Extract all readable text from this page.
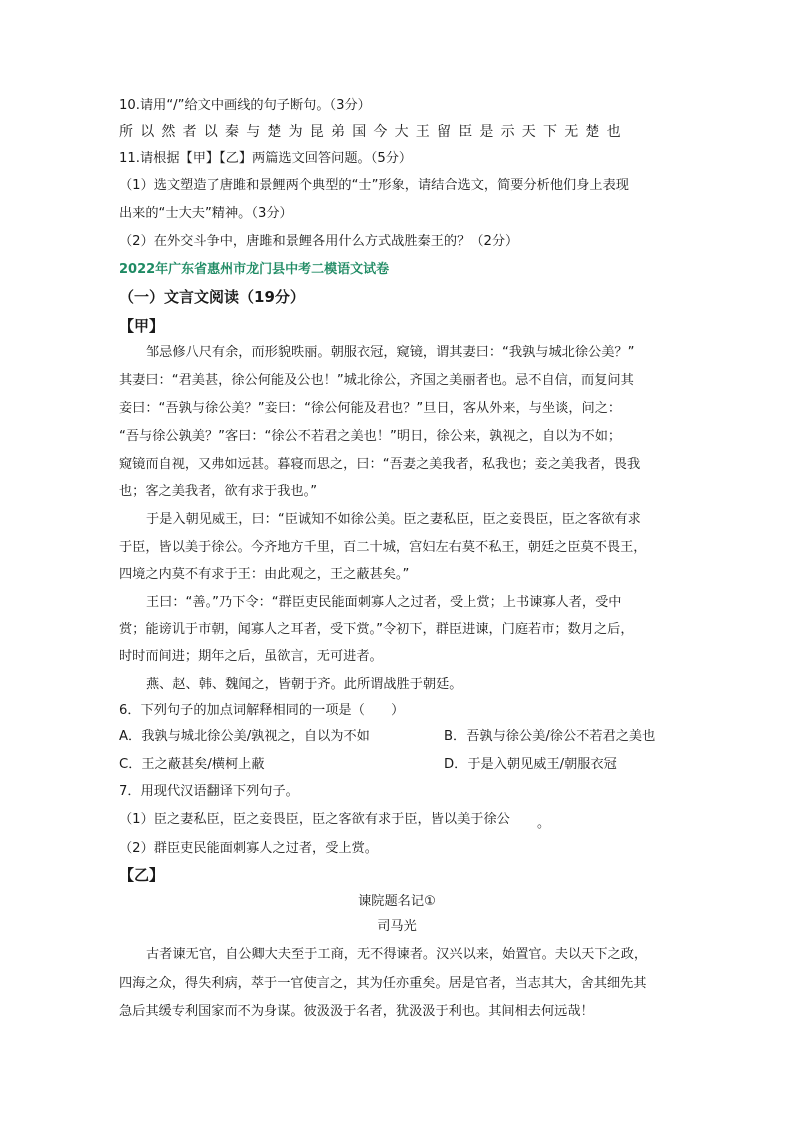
10.请用“/”给文中画线的句子断句。（3分）
所以然者以秦与楚为昆弟国今大王留臣是示天下无楚也
11.请根据【甲】【乙】两篇选文回答问题。（5分）
（1）选文塑造了唐雎和景鲤两个典型的“士”形象，请结合选文，简要分析他们身上表现
出来的“士大夫”精神。（3分）
（2）在外交斗争中，唐雎和景鲤各用什么方式战胜秦王的？（2分）
2022年广东省惠州市龙门县中考二模语文试卷
（一）文言文阅读（19分）
【甲】
邹忌修八尺有余，而形貌昳丽。朝服衣冠，窥镜，谓其妻曰：“我孰与城北徐公美？”
其妻曰：“君美甚，徐公何能及公也！”城北徐公，齐国之美丽者也。忌不自信，而复问其
妾曰：“吾孰与徐公美？”妾曰：“徐公何能及君也？”旦日，客从外来，与坐谈，问之：
“吾与徐公孰美？”客曰：“徐公不若君之美也！”明日，徐公来，孰视之，自以为不如；
窥镜而自视，又弗如远甚。暮寝而思之，曰：“吾妻之美我者，私我也；妾之美我者，畏我
也；客之美我者，欲有求于我也。”
于是入朝见威王，曰：“臣诚知不如徐公美。臣之妻私臣，臣之妾畏臣，臣之客欲有求
于臣，皆以美于徐公。今齐地方千里，百二十城，宫妇左右莫不私王，朝廷之臣莫不畏王，
四境之内莫不有求于王：由此观之，王之蔽甚矣。”
王曰：“善。”乃下令：“群臣吏民能面刺寡人之过者，受上赏；上书谏寡人者，受中
赏；能谤讥于市朝，闻寡人之耳者，受下赏。”令初下，群臣进谏，门庭若市；数月之后，
时时而间进；期年之后，虽欲言，无可进者。
燕、赵、韩、魏闻之，皆朝于齐。此所谓战胜于朝廷。
6．下列句子的加点词解释相同的一项是（　　）
A．我孰与城北徐公美/孰视之，自以为不如	B．吾孰与徐公美/徐公不若君之美也
C．王之蔽甚矣/横柯上蔽	D．于是入朝见威王/朝服衣冠
7．用现代汉语翻译下列句子。
（1）臣之妻私臣，臣之妾畏臣，臣之客欲有求于臣，皆以美于徐公 。
（2）群臣吏民能面刺寡人之过者，受上赏。
【乙】
谏院题名记①
司马光
古者谏无官，自公卿大夫至于工商，无不得谏者。汉兴以来，始置官。夫以天下之政，
四海之众，得失利病，萃于一官使言之，其为任亦重矣。居是官者，当志其大，舍其细先其
急后其缓专利国家而不为身谋。彼汲汲于名者，犹汲汲于利也。其间相去何远哉！
